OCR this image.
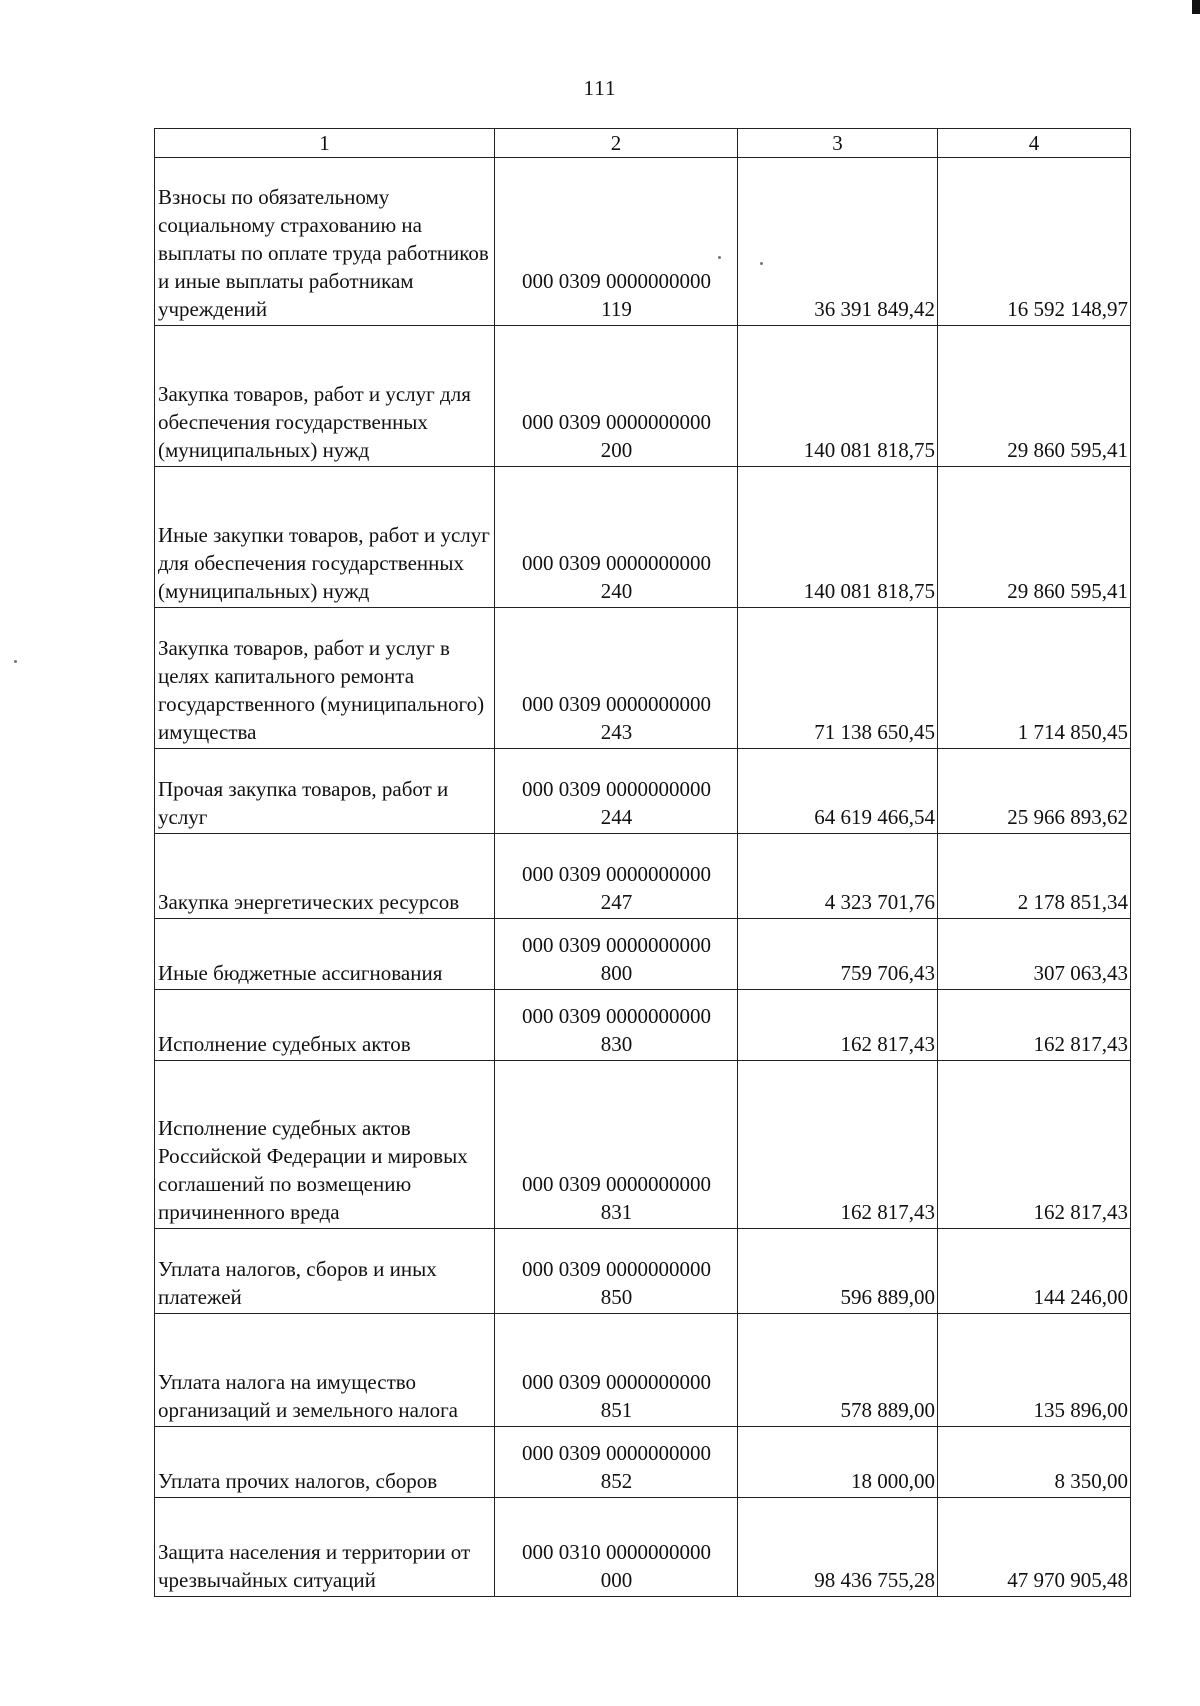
111
1	2	3	4
Взносы по обязательному социальному страхованию на выплаты по оплате труда работников и иные выплаты работникам учреждений	000 0309 0000000000
119	36 391 849,42	16 592 148,97
Закупка товаров, работ и услуг для обеспечения государственных (муниципальных) нужд	000 0309 0000000000
200	140 081 818,75	29 860 595,41
Иные закупки товаров, работ и услуг для обеспечения государственных (муниципальных) нужд	000 0309 0000000000
240	140 081 818,75	29 860 595,41
Закупка товаров, работ и услуг в целях капитального ремонта государственного (муниципального) имущества	000 0309 0000000000
243	71 138 650,45	1 714 850,45
Прочая закупка товаров, работ и услуг	000 0309 0000000000
244	64 619 466,54	25 966 893,62
Закупка энергетических ресурсов	000 0309 0000000000
247	4 323 701,76	2 178 851,34
Иные бюджетные ассигнования	000 0309 0000000000
800	759 706,43	307 063,43
Исполнение судебных актов	000 0309 0000000000
830	162 817,43	162 817,43
Исполнение судебных актов Российской Федерации и мировых соглашений по возмещению причиненного вреда	000 0309 0000000000
831	162 817,43	162 817,43
Уплата налогов, сборов и иных платежей	000 0309 0000000000
850	596 889,00	144 246,00
Уплата налога на имущество организаций и земельного налога	000 0309 0000000000
851	578 889,00	135 896,00
Уплата прочих налогов, сборов	000 0309 0000000000
852	18 000,00	8 350,00
Защита населения и территории от чрезвычайных ситуаций	000 0310 0000000000
000	98 436 755,28	47 970 905,48
